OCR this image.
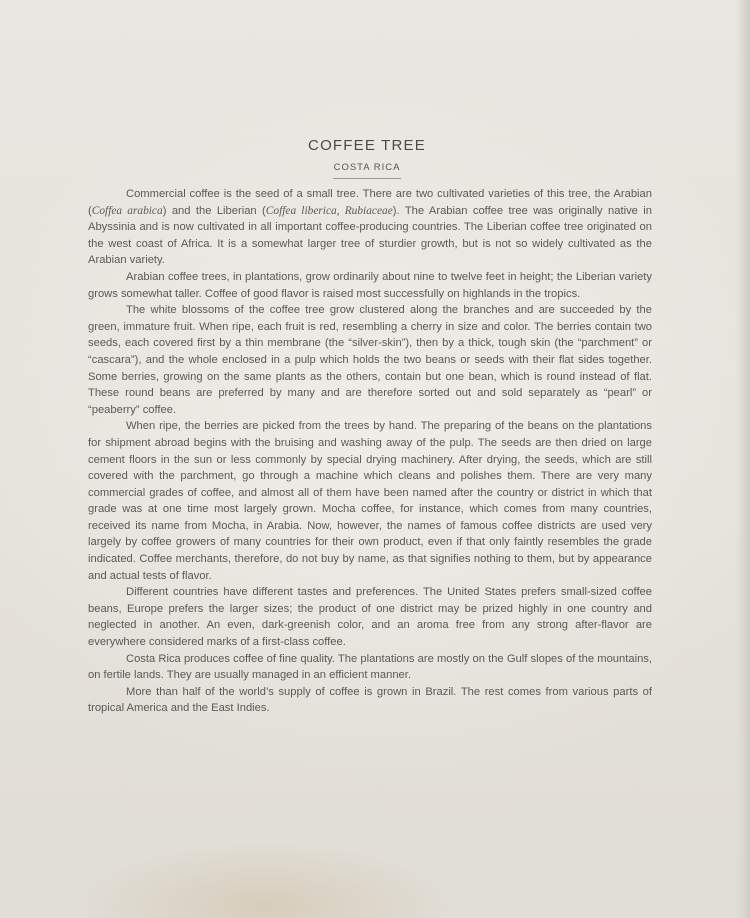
COFFEE TREE
COSTA RICA

Commercial coffee is the seed of a small tree. There are two cultivated varieties of this tree, the Arabian (Coffea arabica) and the Liberian (Coffea liberica, Rubiaceae). The Arabian coffee tree was originally native in Abyssinia and is now cultivated in all important coffee-producing countries. The Liberian coffee tree originated on the west coast of Africa. It is a somewhat larger tree of sturdier growth, but is not so widely cultivated as the Arabian variety.

Arabian coffee trees, in plantations, grow ordinarily about nine to twelve feet in height; the Liberian variety grows somewhat taller. Coffee of good flavor is raised most successfully on highlands in the tropics.

The white blossoms of the coffee tree grow clustered along the branches and are succeeded by the green, immature fruit. When ripe, each fruit is red, resembling a cherry in size and color. The berries contain two seeds, each covered first by a thin membrane (the “silver-skin”), then by a thick, tough skin (the “parchment” or “cascara”), and the whole enclosed in a pulp which holds the two beans or seeds with their flat sides together. Some berries, growing on the same plants as the others, contain but one bean, which is round instead of flat. These round beans are preferred by many and are therefore sorted out and sold separately as “pearl” or “peaberry” coffee.

When ripe, the berries are picked from the trees by hand. The preparing of the beans on the plantations for shipment abroad begins with the bruising and washing away of the pulp. The seeds are then dried on large cement floors in the sun or less commonly by special drying machinery. After drying, the seeds, which are still covered with the parchment, go through a machine which cleans and polishes them. There are very many commercial grades of coffee, and almost all of them have been named after the country or district in which that grade was at one time most largely grown. Mocha coffee, for instance, which comes from many countries, received its name from Mocha, in Arabia. Now, however, the names of famous coffee districts are used very largely by coffee growers of many countries for their own product, even if that only faintly resembles the grade indicated. Coffee merchants, therefore, do not buy by name, as that signifies nothing to them, but by appearance and actual tests of flavor.

Different countries have different tastes and preferences. The United States prefers small-sized coffee beans, Europe prefers the larger sizes; the product of one district may be prized highly in one country and neglected in another. An even, dark-greenish color, and an aroma free from any strong after-flavor are everywhere considered marks of a first-class coffee.

Costa Rica produces coffee of fine quality. The plantations are mostly on the Gulf slopes of the mountains, on fertile lands. They are usually managed in an efficient manner.

More than half of the world’s supply of coffee is grown in Brazil. The rest comes from various parts of tropical America and the East Indies.
